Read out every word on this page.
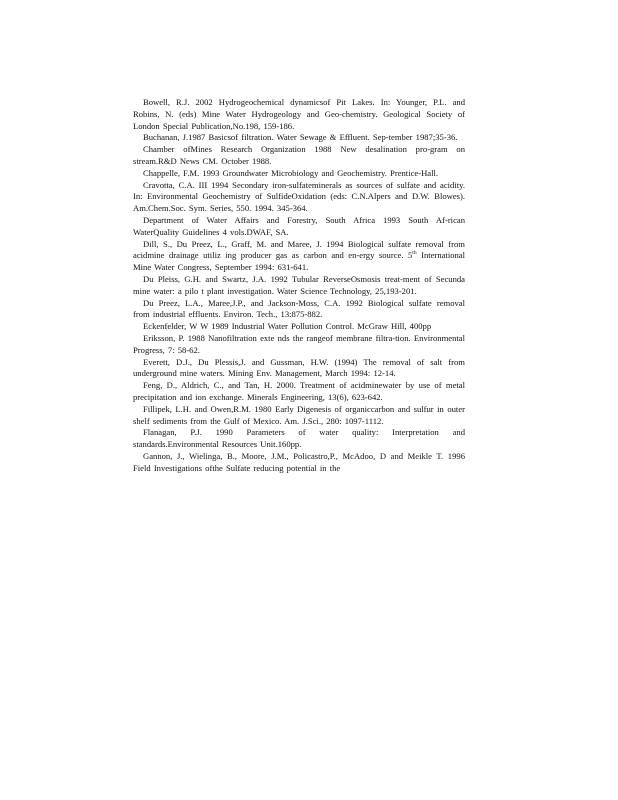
Bowell, R.J. 2002 Hydrogeochemical dynamicsof Pit Lakes. In: Younger, P.L. and Robins, N. (eds) Mine Water Hydrogeology and Geo-chemistry. Geological Society of London Special Publication,No.198, 159-186.

Buchanan, J.1987 Basicsof filtration. Water Sewage & Effluent. Sep-tember 1987;35-36.

Chamber ofMines Research Organization 1988 New desalination pro-gram on stream.R&D News CM. October 1988.

Chappelle, F.M. 1993 Groundwater Microbiology and Geochemistry. Prentice-Hall.

Cravotta, C.A. III 1994 Secondary iron-sulfateminerals as sources of sulfate and acidity. In: Environmental Geochemistry of SulfideOxidation (eds: C.N.Alpers and D.W. Blowes). Am.Chem.Soc. Sym. Series, 550. 1994. 345-364.

Department of Water Affairs and Forestry, South Africa 1993 South Af-rican WaterQuality Guidelines 4 vols.DWAF, SA.

Dill, S., Du Preez, L., Graff, M. and Maree, J. 1994 Biological sulfate removal from acidmine drainage utiliz ing producer gas as carbon and en-ergy source. 5th International Mine Water Congress, September 1994: 631-641.

Du Pleiss, G.H. and Swartz, J.A. 1992 Tubular ReverseOsmosis treat-ment of Secunda mine water: a pilo t plant investigation. Water Science Technology, 25,193-201.

Du Preez, L.A., Maree,J.P., and Jackson-Moss, C.A. 1992 Biological sulfate removal from industrial effluents. Environ. Tech., 13:875-882.

Eckenfelder, W W 1989 Industrial Water Pollution Control. McGraw Hill, 400pp

Eriksson, P. 1988 Nanofiltration exte nds the rangeof membrane filtra-tion. Environmental Progress, 7: 58-62.

Everett, D.J., Du Plessis,J. and Gussman, H.W. (1994) The removal of salt from underground mine waters. Mining Env. Management, March 1994: 12-14.

Feng, D., Aldrich, C., and Tan, H. 2000. Treatment of acidminewater by use of metal precipitation and ion exchange. Minerals Engineering, 13(6), 623-642.

Fillipek, L.H. and Owen,R.M. 1980 Early Digenesis of organiccarbon and sulfur in outer shelf sediments from the Gulf of Mexico. Am. J.Sci., 280: 1097-1112.

Flanagan, P.J. 1990 Parameters of water quality: Interpretation and standards.Environmental Resources Unit.160pp.

Gannon, J., Wielinga, B., Moore, J.M., Policastro,P., McAdoo, D and Meikle T. 1996 Field Investigations ofthe Sulfate reducing potential in the
